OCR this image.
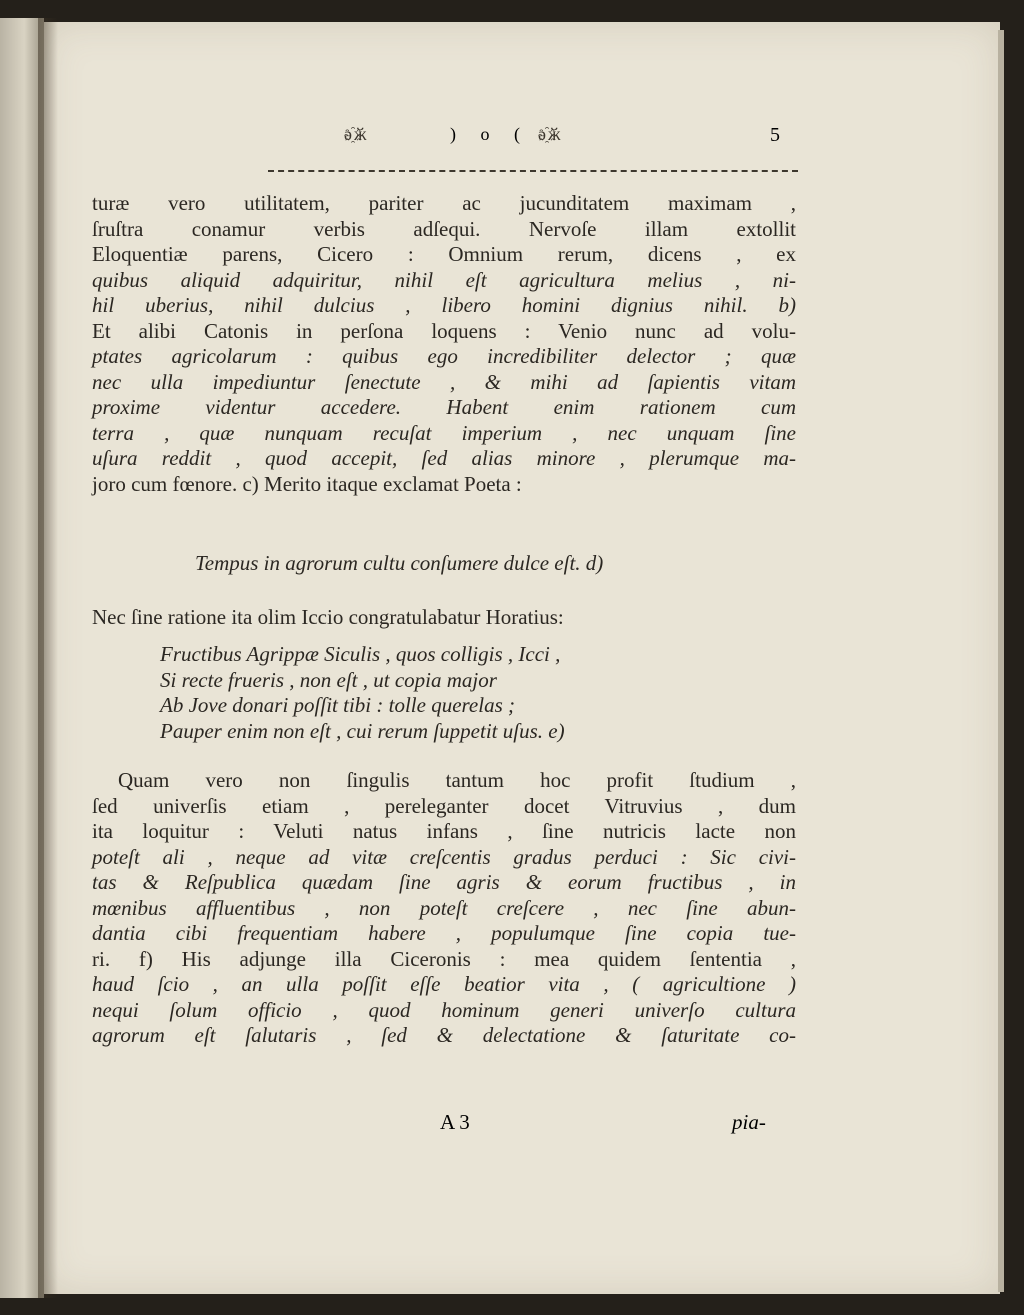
ǝ҈ӂ	) o ( ǝ҈ӂ	5
turæ vero utilitatem, pariter ac jucunditatem maximam ,
ſruſtra conamur verbis adſequi. Nervoſe illam extollit
Eloquentiæ parens, Cicero : Omnium rerum, dicens , ex
quibus aliquid adquiritur, nihil eſt agricultura melius , ni-
hil uberius, nihil dulcius , libero homini dignius nihil. b)
Et alibi Catonis in perſona loquens : Venio nunc ad volu-
ptates agricolarum : quibus ego incredibiliter delector ; quæ
nec ulla impediuntur ſenectute , & mihi ad ſapientis vitam
proxime videntur accedere. Habent enim rationem cum
terra , quæ nunquam recuſat imperium , nec unquam ſine
uſura reddit , quod accepit, ſed alias minore , plerumque ma-
joro cum fœnore. c) Merito itaque exclamat Poeta :
Tempus in agrorum cultu conſumere dulce eſt. d)
Nec ſine ratione ita olim Iccio congratulabatur Horatius:
Fructibus Agrippæ Siculis , quos colligis , Icci ,
Si recte frueris , non eſt , ut copia major
Ab Jove donari poſſit tibi : tolle querelas ;
Pauper enim non eſt , cui rerum ſuppetit uſus. e)
Quam vero non ſingulis tantum hoc profit ſtudium ,
ſed univerſis etiam , pereleganter docet Vitruvius , dum
ita loquitur : Veluti natus infans , ſine nutricis lacte non
poteſt ali , neque ad vitæ creſcentis gradus perduci : Sic civi-
tas & Reſpublica quædam ſine agris & eorum fructibus , in
mœnibus affluentibus , non poteſt creſcere , nec ſine abun-
dantia cibi frequentiam habere , populumque ſine copia tue-
ri. f) His adjunge illa Ciceronis : mea quidem ſententia ,
haud ſcio , an ulla poſſit eſſe beatior vita , ( agricultione )
nequi ſolum officio , quod hominum generi univerſo cultura
agrorum eſt ſalutaris , ſed & delectatione & ſaturitate co-
A 3	pia-
